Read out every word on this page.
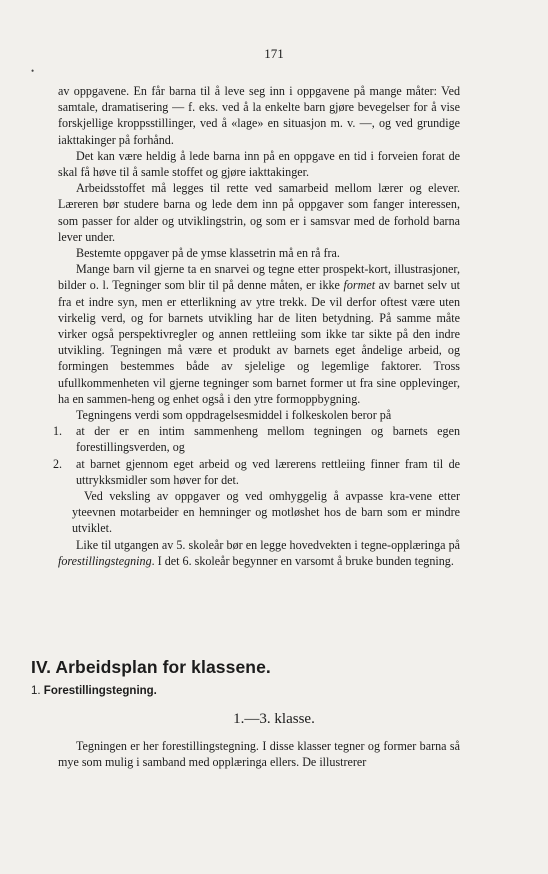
171
•

av oppgavene. En får barna til å leve seg inn i oppgavene på mange måter: Ved samtale, dramatisering — f. eks. ved å la enkelte barn gjøre bevegelser for å vise forskjellige kroppsstillinger, ved å «lage» en situasjon m. v. —, og ved grundige iakttakinger på forhånd.

Det kan være heldig å lede barna inn på en oppgave en tid i forveien forat de skal få høve til å samle stoffet og gjøre iakttakinger.

Arbeidsstoffet må legges til rette ved samarbeid mellom lærer og elever. Læreren bør studere barna og lede dem inn på oppgaver som fanger interessen, som passer for alder og utviklingstrin, og som er i samsvar med de forhold barna lever under.

Bestemte oppgaver på de ymse klassetrin må en rå fra.

Mange barn vil gjerne ta en snarvei og tegne etter prospekt-kort, illustrasjoner, bilder o. l. Tegninger som blir til på denne måten, er ikke formet av barnet selv ut fra et indre syn, men er etterlikning av ytre trekk. De vil derfor oftest være uten virkelig verd, og for barnets utvikling har de liten betydning. På samme måte virker også perspektivregler og annen rettleiing som ikke tar sikte på den indre utvikling. Tegningen må være et produkt av barnets eget åndelige arbeid, og formingen bestemmes både av sjelelige og legemlige faktorer. Tross ufullkommenheten vil gjerne tegninger som barnet former ut fra sine opplevinger, ha en sammen-heng og enhet også i den ytre formoppbygning.

Tegningens verdi som oppdragelsesmiddel i folkeskolen beror på

1.	at der er en intim sammenheng mellom tegningen og barnets egen forestillingsverden, og
2.	at barnet gjennom eget arbeid og ved lærerens rettleiing finner fram til de uttrykksmidler som høver for det.

Ved veksling av oppgaver og ved omhyggelig å avpasse kra-vene etter yteevnen motarbeider en hemninger og motløshet hos de barn som er mindre utviklet.

Like til utgangen av 5. skoleår bør en legge hovedvekten i tegne-opplæringa på forestillingstegning. I det 6. skoleår begynner en varsomt å bruke bunden tegning.

IV. Arbeidsplan for klassene.
1. Forestillingstegning.
1.—3. klasse.

Tegningen er her forestillingstegning. I disse klasser tegner og former barna så mye som mulig i samband med opplæringa ellers. De illustrerer
